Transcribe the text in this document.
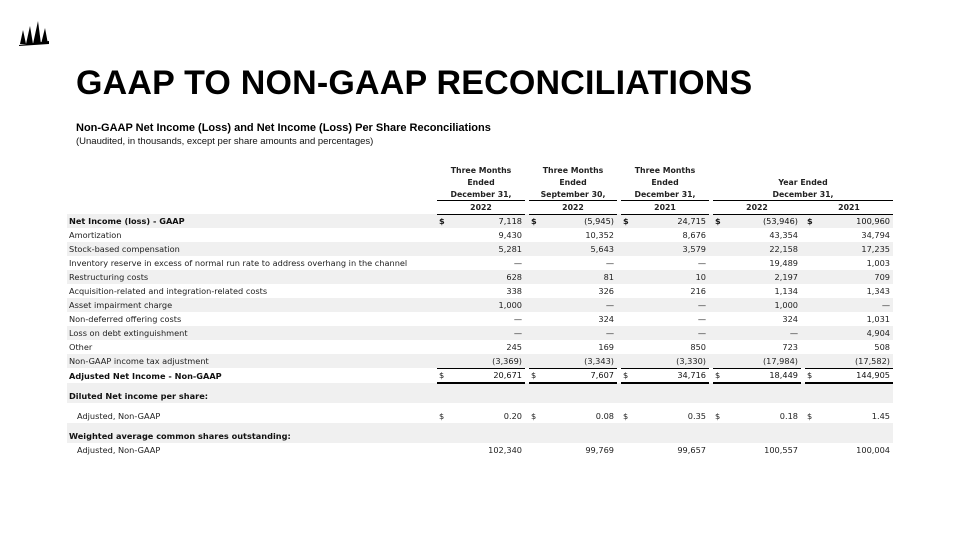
GAAP TO NON-GAAP RECONCILIATIONS
Non-GAAP Net Income (Loss) and Net Income (Loss) Per Share Reconciliations
(Unaudited, in thousands, except per share amounts and percentages)
	Three Months			Three Months			Three Months							
	Ended			Ended			Ended			Year Ended				
	December 31,			September 30,			December 31,			December 31,				
	2022			2022			2021			2022			2021	
Net Income (loss) - GAAP	$	7,118		$	(5,945)		$	24,715		$	(53,946)		$	100,960
Amortization		9,430			10,352			8,676			43,354			34,794
Stock-based compensation		5,281			5,643			3,579			22,158			17,235
Inventory reserve in excess of normal run rate to address overhang in the channel		—			—			—			19,489			1,003
Restructuring costs		628			81			10			2,197			709
Acquisition-related and integration-related costs		338			326			216			1,134			1,343
Asset impairment charge		1,000			—			—			1,000			—
Non-deferred offering costs		—			324			—			324			1,031
Loss on debt extinguishment		—			—			—			—			4,904
Other		245			169			850			723			508
Non-GAAP income tax adjustment		(3,369)			(3,343)			(3,330)			(17,984)			(17,582)
Adjusted Net Income - Non-GAAP	$	20,671		$	7,607		$	34,716		$	18,449		$	144,905
Diluted Net income per share:														
Adjusted, Non-GAAP	$	0.20		$	0.08		$	0.35		$	0.18		$	1.45
Weighted average common shares outstanding:														
Adjusted, Non-GAAP		102,340			99,769			99,657			100,557			100,004
